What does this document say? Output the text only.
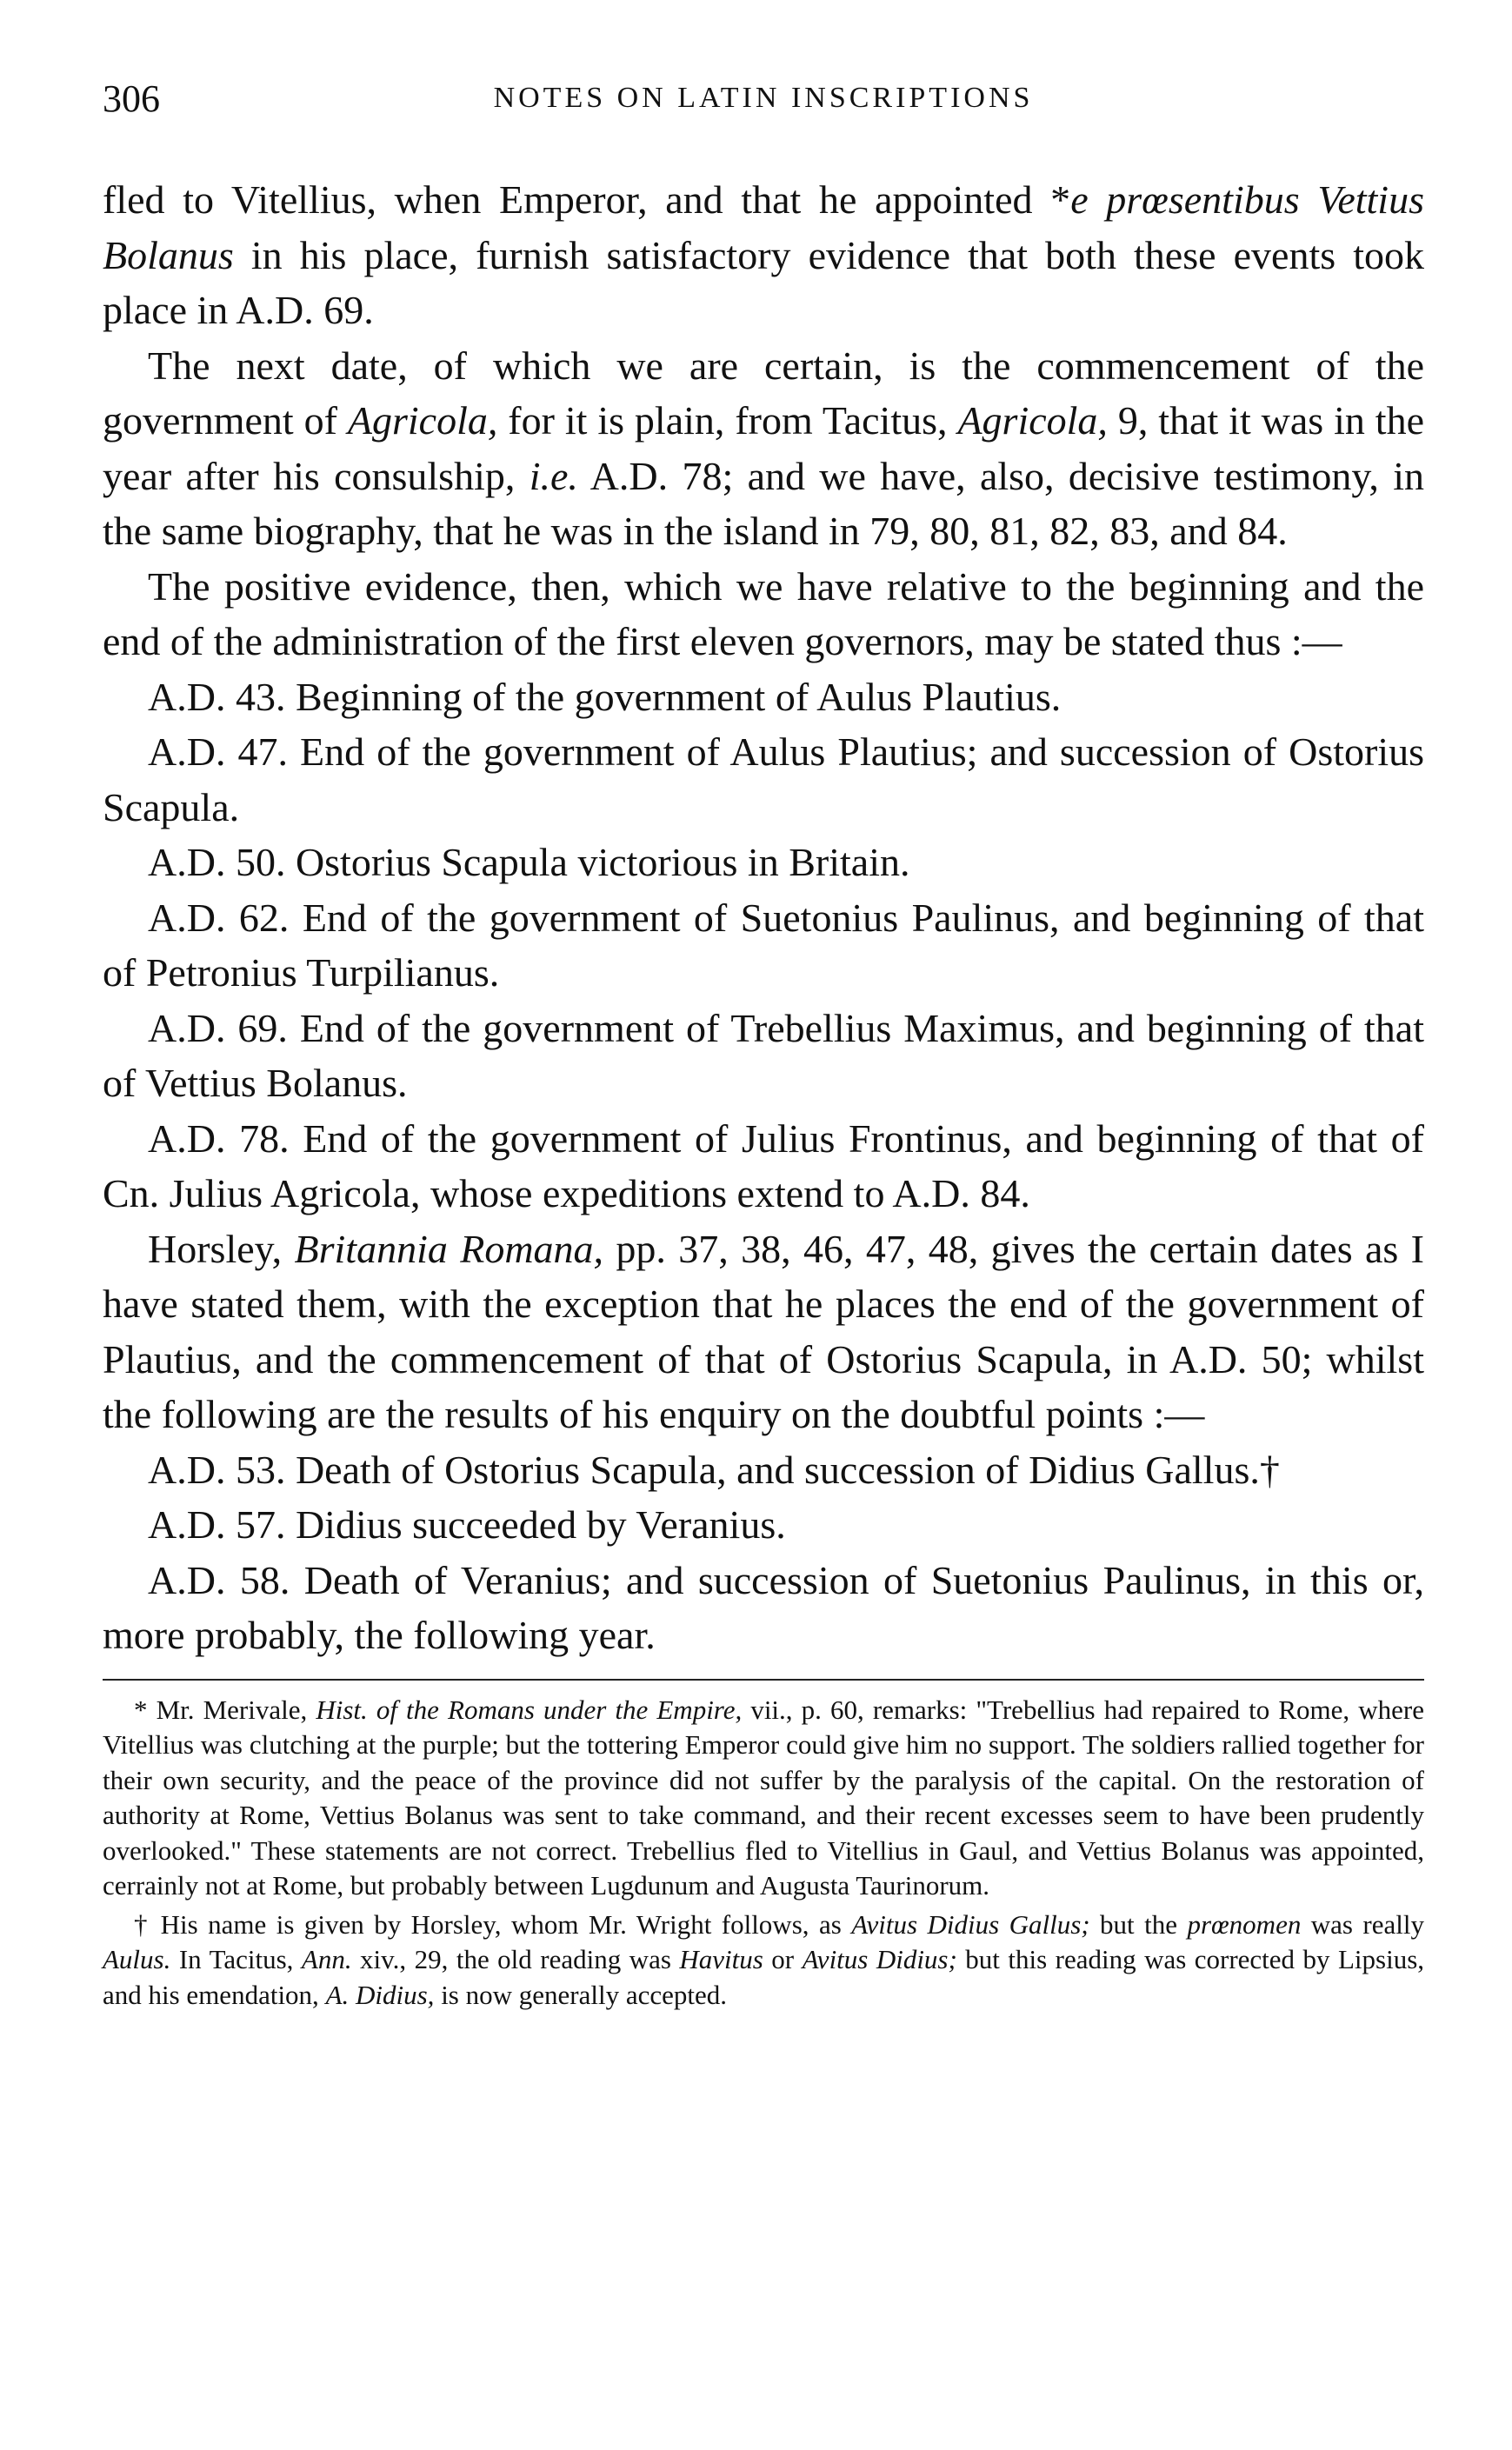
306	NOTES ON LATIN INSCRIPTIONS

fled to Vitellius, when Emperor, and that he appointed *e prœsentibus Vettius Bolanus in his place, furnish satisfactory evidence that both these events took place in A.D. 69.

The next date, of which we are certain, is the commencement of the government of Agricola, for it is plain, from Tacitus, Agricola, 9, that it was in the year after his consulship, i.e. A.D. 78; and we have, also, decisive testimony, in the same biography, that he was in the island in 79, 80, 81, 82, 83, and 84.

The positive evidence, then, which we have relative to the beginning and the end of the administration of the first eleven governors, may be stated thus :—

A.D. 43. Beginning of the government of Aulus Plautius.

A.D. 47. End of the government of Aulus Plautius; and succession of Ostorius Scapula.

A.D. 50. Ostorius Scapula victorious in Britain.

A.D. 62. End of the government of Suetonius Paulinus, and beginning of that of Petronius Turpilianus.

A.D. 69. End of the government of Trebellius Maximus, and beginning of that of Vettius Bolanus.

A.D. 78. End of the government of Julius Frontinus, and beginning of that of Cn. Julius Agricola, whose expeditions extend to A.D. 84.

Horsley, Britannia Romana, pp. 37, 38, 46, 47, 48, gives the certain dates as I have stated them, with the exception that he places the end of the government of Plautius, and the commencement of that of Ostorius Scapula, in A.D. 50; whilst the following are the results of his enquiry on the doubtful points :—

A.D. 53. Death of Ostorius Scapula, and succession of Didius Gallus.†

A.D. 57. Didius succeeded by Veranius.

A.D. 58. Death of Veranius; and succession of Suetonius Paulinus, in this or, more probably, the following year.

* Mr. Merivale, Hist. of the Romans under the Empire, vii., p. 60, remarks: "Trebellius had repaired to Rome, where Vitellius was clutching at the purple; but the tottering Emperor could give him no support. The soldiers rallied together for their own security, and the peace of the province did not suffer by the paralysis of the capital. On the restoration of authority at Rome, Vettius Bolanus was sent to take command, and their recent excesses seem to have been prudently overlooked." These statements are not correct. Trebellius fled to Vitellius in Gaul, and Vettius Bolanus was appointed, cerrainly not at Rome, but probably between Lugdunum and Augusta Taurinorum.

† His name is given by Horsley, whom Mr. Wright follows, as Avitus Didius Gallus; but the prœnomen was really Aulus. In Tacitus, Ann. xiv., 29, the old reading was Havitus or Avitus Didius; but this reading was corrected by Lipsius, and his emendation, A. Didius, is now generally accepted.
